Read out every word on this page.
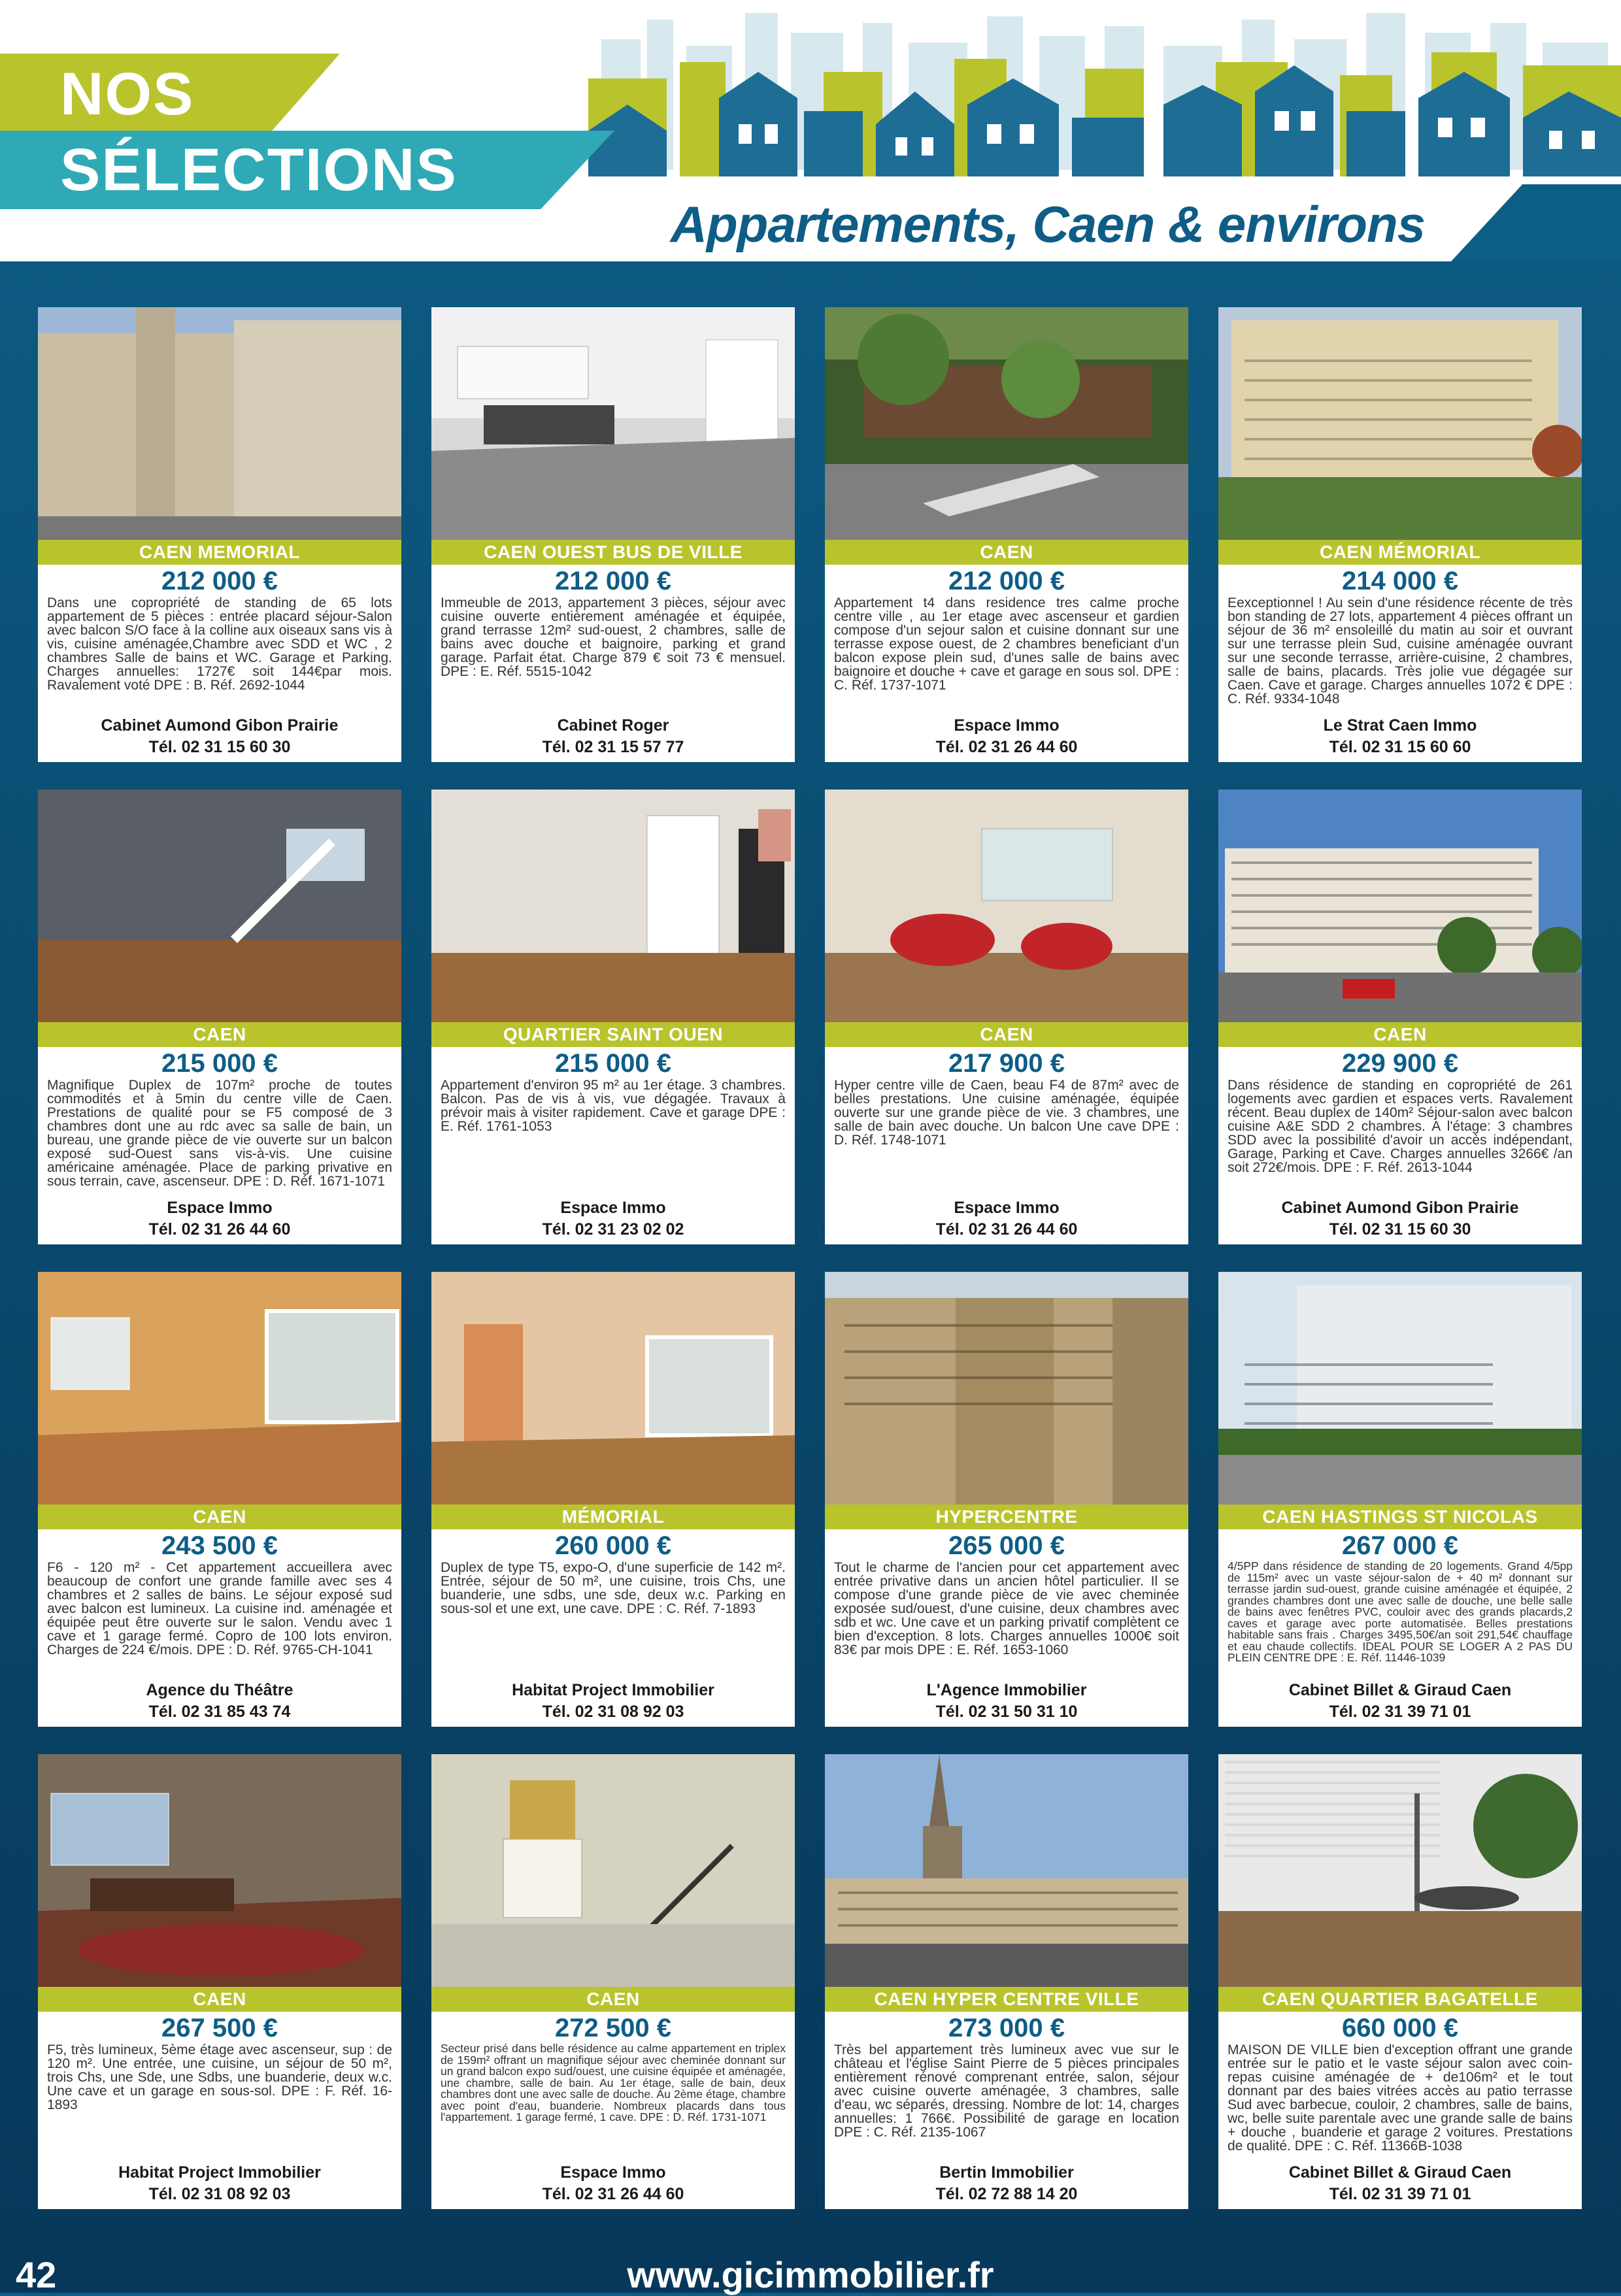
NOS
SÉLECTIONS
Appartements, Caen & environs
CAEN MEMORIAL
212 000 €
Dans une copropriété de standing de 65 lots appartement de 5 pièces : entrée placard séjour-Salon avec balcon S/O face à la colline aux oiseaux sans vis à vis, cuisine aménagée,Chambre avec SDD et WC , 2 chambres Salle de bains et WC. Garage et Parking. Charges annuelles: 1727€ soit 144€par mois. Ravalement voté DPE : B. Réf. 2692-1044
Cabinet Aumond Gibon Prairie
Tél. 02 31 15 60 30
CAEN OUEST BUS DE VILLE
212 000 €
Immeuble de 2013, appartement 3 pièces, séjour avec cuisine ouverte entièrement aménagée et équipée, grand terrasse 12m² sud-ouest, 2 chambres, salle de bains avec douche et baignoire, parking et grand garage. Parfait état. Charge 879 € soit 73 € mensuel. DPE : E. Réf. 5515-1042
Cabinet Roger
Tél. 02 31 15 57 77
CAEN
212 000 €
Appartement t4 dans residence tres calme proche centre ville , au 1er etage avec ascenseur et gardien compose d'un sejour salon et cuisine donnant sur une terrasse expose ouest, de 2 chambres beneficiant d'un balcon expose plein sud, d'unes salle de bains avec baignoire et douche + cave et garage en sous sol. DPE : C. Réf. 1737-1071
Espace Immo
Tél. 02 31 26 44 60
CAEN MÉMORIAL
214 000 €
Eexceptionnel ! Au sein d'une résidence récente de très bon standing de 27 lots, appartement 4 pièces offrant un séjour de 36 m² ensoleillé du matin au soir et ouvrant sur une terrasse plein Sud, cuisine aménagée ouvrant sur une seconde terrasse, arrière-cuisine, 2 chambres, salle de bains, placards. Très jolie vue dégagée sur Caen. Cave et garage. Charges annuelles 1072 € DPE : C. Réf. 9334-1048
Le Strat Caen Immo
Tél. 02 31 15 60 60
CAEN
215 000 €
Magnifique Duplex de 107m² proche de toutes commodités et à 5min du centre ville de Caen. Prestations de qualité pour se F5 composé de 3 chambres dont une au rdc avec sa salle de bain, un bureau, une grande pièce de vie ouverte sur un balcon exposé sud-Ouest sans vis-à-vis. Une cuisine américaine aménagée. Place de parking privative en sous terrain, cave, ascenseur. DPE : D. Réf. 1671-1071
Espace Immo
Tél. 02 31 26 44 60
QUARTIER SAINT OUEN
215 000 €
Appartement d'environ 95 m² au 1er étage. 3 chambres. Balcon. Pas de vis à vis, vue dégagée. Travaux à prévoir mais à visiter rapidement. Cave et garage DPE : E. Réf. 1761-1053
Espace Immo
Tél. 02 31 23 02 02
CAEN
217 900 €
Hyper centre ville de Caen, beau F4 de 87m² avec de belles prestations. Une cuisine aménagée, équipée ouverte sur une grande pièce de vie. 3 chambres, une salle de bain avec douche. Un balcon Une cave DPE : D. Réf. 1748-1071
Espace Immo
Tél. 02 31 26 44 60
CAEN
229 900 €
Dans résidence de standing en copropriété de 261 logements avec gardien et espaces verts. Ravalement récent. Beau duplex de 140m² Séjour-salon avec balcon cuisine A&E SDD 2 chambres. A l'étage: 3 chambres SDD avec la possibilité d'avoir un accès indépendant, Garage, Parking et Cave. Charges annuelles 3266€ /an soit 272€/mois. DPE : F. Réf. 2613-1044
Cabinet Aumond Gibon Prairie
Tél. 02 31 15 60 30
CAEN
243 500 €
F6 - 120 m² - Cet appartement accueillera avec beaucoup de confort une grande famille avec ses 4 chambres et 2 salles de bains. Le séjour exposé sud avec balcon est lumineux. La cuisine ind. aménagée et équipée peut être ouverte sur le salon. Vendu avec 1 cave et 1 garage fermé. Copro de 100 lots environ. Charges de 224 €/mois. DPE : D. Réf. 9765-CH-1041
Agence du Théâtre
Tél. 02 31 85 43 74
MÉMORIAL
260 000 €
Duplex de type T5, expo-O, d'une superficie de 142 m². Entrée, séjour de 50 m², une cuisine, trois Chs, une buanderie, une sdbs, une sde, deux w.c. Parking en sous-sol et une ext, une cave. DPE : C. Réf. 7-1893
Habitat Project Immobilier
Tél. 02 31 08 92 03
HYPERCENTRE
265 000 €
Tout le charme de l'ancien pour cet appartement avec entrée privative dans un ancien hôtel particulier. Il se compose d'une grande pièce de vie avec cheminée exposée sud/ouest, d'une cuisine, deux chambres avec sdb et wc. Une cave et un parking privatif complètent ce bien d'exception. 8 lots. Charges annuelles 1000€ soit 83€ par mois DPE : E. Réf. 1653-1060
L'Agence Immobilier
Tél. 02 31 50 31 10
CAEN HASTINGS ST NICOLAS
267 000 €
4/5PP dans résidence de standing de 20 logements. Grand 4/5pp de 115m² avec un vaste séjour-salon de + 40 m² donnant sur terrasse jardin sud-ouest, grande cuisine aménagée et équipée, 2 grandes chambres dont une avec salle de douche, une belle salle de bains avec fenêtres PVC, couloir avec des grands placards,2 caves et garage avec porte automatisée. Belles prestations habitable sans frais . Charges 3495,50€/an soit 291,54€ chauffage et eau chaude collectifs. IDEAL POUR SE LOGER A 2 PAS DU PLEIN CENTRE DPE : E. Réf. 11446-1039
Cabinet Billet & Giraud Caen
Tél. 02 31 39 71 01
CAEN
267 500 €
F5, très lumineux, 5ème étage avec ascenseur, sup : de 120 m². Une entrée, une cuisine, un séjour de 50 m², trois Chs, une Sde, une Sdbs, une buanderie, deux w.c. Une cave et un garage en sous-sol. DPE : F. Réf. 16-1893
Habitat Project Immobilier
Tél. 02 31 08 92 03
CAEN
272 500 €
Secteur prisé dans belle résidence au calme appartement en triplex de 159m² offrant un magnifique séjour avec cheminée donnant sur un grand balcon expo sud/ouest, une cuisine équipée et aménagée, une chambre, salle de bain. Au 1er étage, salle de bain, deux chambres dont une avec salle de douche. Au 2ème étage, chambre avec point d'eau, buanderie. Nombreux placards dans tous l'appartement. 1 garage fermé, 1 cave. DPE : D. Réf. 1731-1071
Espace Immo
Tél. 02 31 26 44 60
CAEN HYPER CENTRE VILLE
273 000 €
Très bel appartement très lumineux avec vue sur le château et l'église Saint Pierre de 5 pièces principales entièrement rénové comprenant entrée, salon, séjour avec cuisine ouverte aménagée, 3 chambres, salle d'eau, wc séparés, dressing. Nombre de lot: 14, charges annuelles: 1 766€. Possibilité de garage en location DPE : C. Réf. 2135-1067
Bertin Immobilier
Tél. 02 72 88 14 20
CAEN QUARTIER BAGATELLE
660 000 €
MAISON DE VILLE bien d'exception offrant une grande entrée sur le patio et le vaste séjour salon avec coin-repas cuisine aménagée de + de106m² et le tout donnant par des baies vitrées accès au patio terrasse Sud avec barbecue, couloir, 2 chambres, salle de bains, wc, belle suite parentale avec une grande salle de bains + douche , buanderie et garage 2 voitures. Prestations de qualité. DPE : C. Réf. 11366B-1038
Cabinet Billet & Giraud Caen
Tél. 02 31 39 71 01
www.gicimmobilier.fr
42
